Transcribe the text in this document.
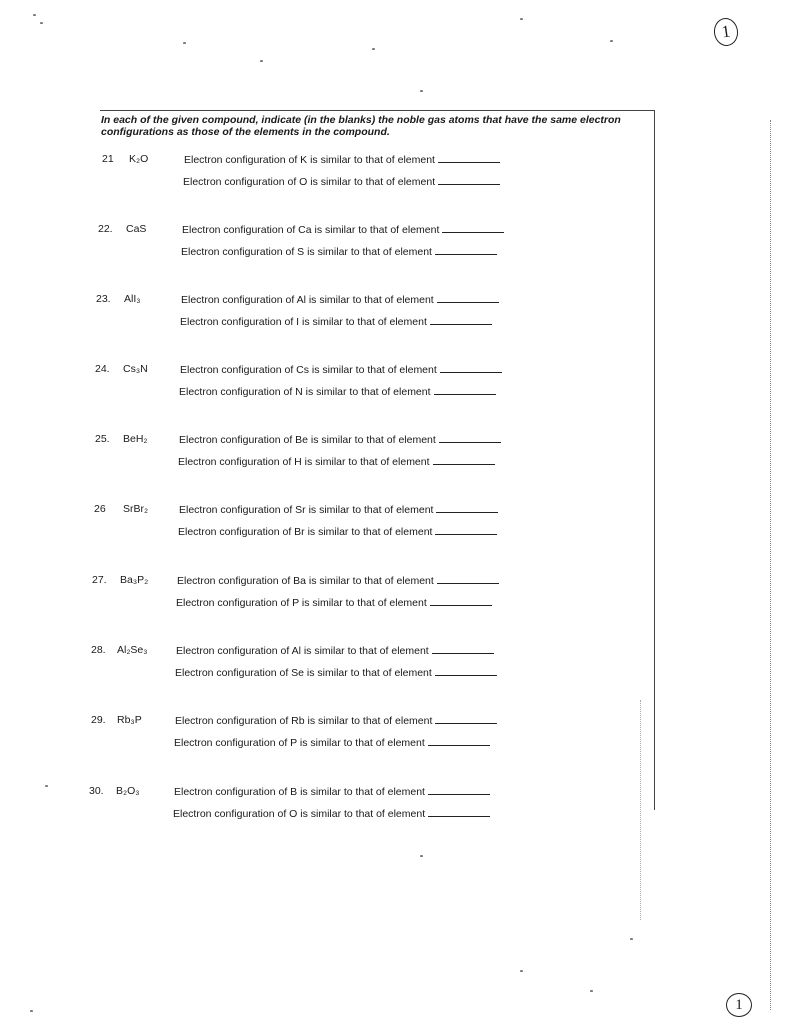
1
1
In each of the given compound, indicate (in the blanks) the noble gas atoms that have the same electron configurations as those of the elements in the compound.
21 K₂O	Electron configuration of K is similar to that of element
Electron configuration of O is similar to that of element
22. CaS	Electron configuration of Ca is similar to that of element
Electron configuration of S is similar to that of element
23. AlI₃	Electron configuration of Al is similar to that of element
Electron configuration of I is similar to that of element
24. Cs₃N	Electron configuration of Cs is similar to that of element
Electron configuration of N is similar to that of element
25. BeH₂	Electron configuration of Be is similar to that of element
Electron configuration of H is similar to that of element
26 SrBr₂	Electron configuration of Sr is similar to that of element
Electron configuration of Br is similar to that of element
27. Ba₃P₂	Electron configuration of Ba is similar to that of element
Electron configuration of P is similar to that of element
28. Al₂Se₃	Electron configuration of Al is similar to that of element
Electron configuration of Se is similar to that of element
29. Rb₃P	Electron configuration of Rb is similar to that of element
Electron configuration of P is similar to that of element
30. B₂O₃	Electron configuration of B is similar to that of element
Electron configuration of O is similar to that of element
